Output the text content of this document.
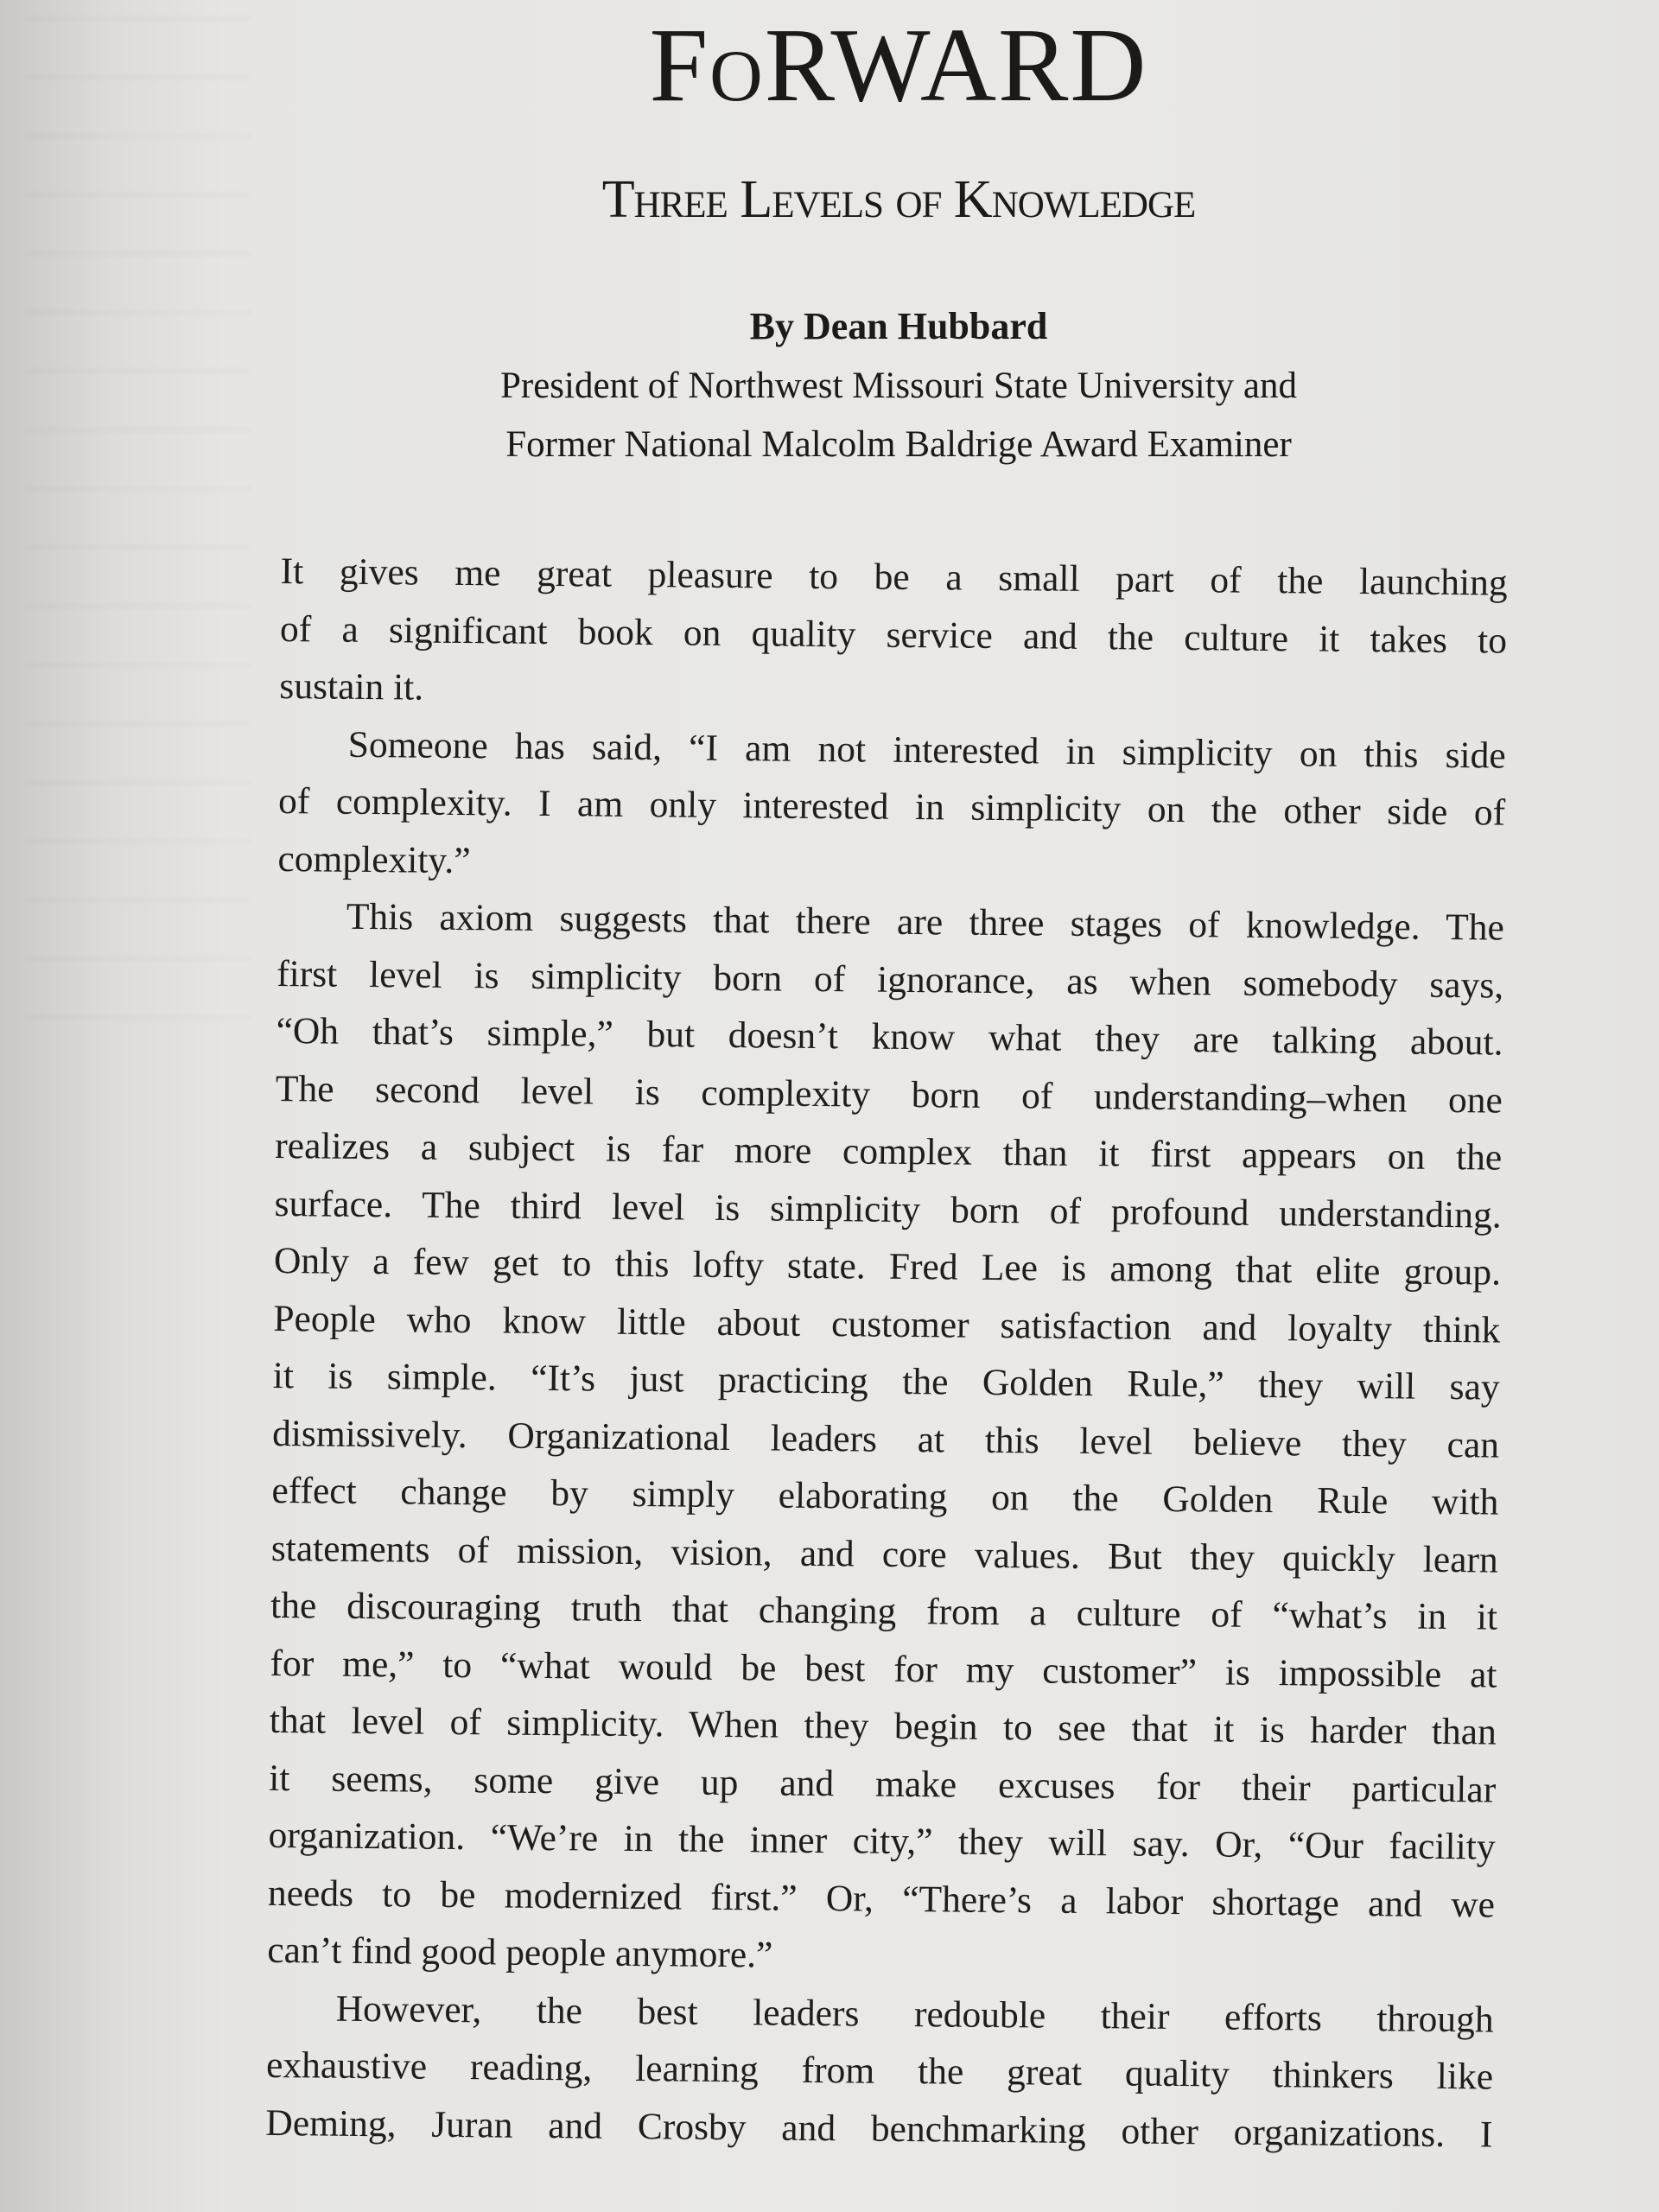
FoRWARD
Three Levels of Knowledge
By Dean Hubbard
President of Northwest Missouri State University and
Former National Malcolm Baldrige Award Examiner

It gives me great pleasure to be a small part of the launching
of a significant book on quality service and the culture it takes to
sustain it.

Someone has said, “I am not interested in simplicity on this side
of complexity. I am only interested in simplicity on the other side of
complexity.”

This axiom suggests that there are three stages of knowledge. The
first level is simplicity born of ignorance, as when somebody says,
“Oh that’s simple,” but doesn’t know what they are talking about.
The second level is complexity born of understanding–when one
realizes a subject is far more complex than it first appears on the
surface. The third level is simplicity born of profound understanding.
Only a few get to this lofty state. Fred Lee is among that elite group.
People who know little about customer satisfaction and loyalty think
it is simple. “It’s just practicing the Golden Rule,” they will say
dismissively. Organizational leaders at this level believe they can
effect change by simply elaborating on the Golden Rule with
statements of mission, vision, and core values. But they quickly learn
the discouraging truth that changing from a culture of “what’s in it
for me,” to “what would be best for my customer” is impossible at
that level of simplicity. When they begin to see that it is harder than
it seems, some give up and make excuses for their particular
organization. “We’re in the inner city,” they will say. Or, “Our facility
needs to be modernized first.” Or, “There’s a labor shortage and we
can’t find good people anymore.”

However, the best leaders redouble their efforts through
exhaustive reading, learning from the great quality thinkers like
Deming, Juran and Crosby and benchmarking other organizations. I
